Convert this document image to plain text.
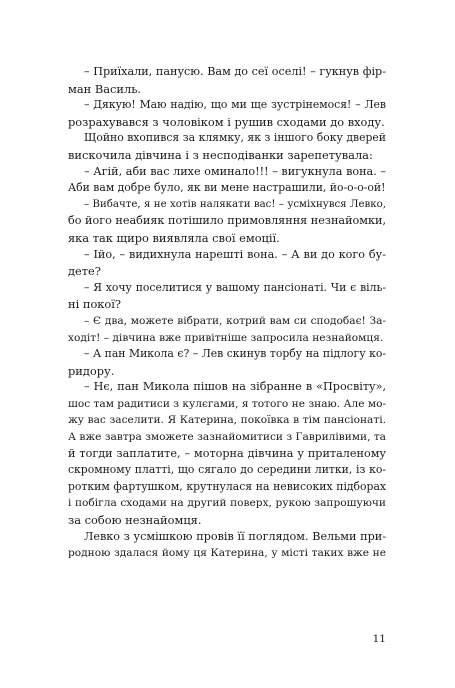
– Приїхали, панусю. Вам до сеї оселі! – гукнув фір-
ман Василь.
– Дякую! Маю надію, що ми ще зустрінемося! – Лев
розрахувався з чоловіком і рушив сходами до входу.
Щойно вхопився за клямку, як з іншого боку дверей
вискочила дівчина і з несподіванки зарепетувала:
– Агій, аби вас лихе оминало!!! – вигукнула вона. –
Аби вам добре було, як ви мене настрашили, йо-о-о-ой!
– Вибачте, я не хотів налякати вас! – усміхнувся Левко,
бо його неабияк потішило примовляння незнайомки,
яка так щиро виявляла свої емоції.
– Ійо, – видихнула нарешті вона. – А ви до кого бу-
дете?
– Я хочу поселитися у вашому пансіонаті. Чи є віль-
ні покої?
– Є два, можете вібрати, котрий вам си сподобає! За-
ходіт! – дівчина вже привітніше запросила незнайомця.
– А пан Микола є? – Лев скинув торбу на підлогу ко-
ридору.
– Нє, пан Микола пішов на зібранне в «Просвіту»,
шос там радитиси з кулєгами, я тотого не знаю. Але мо-
жу вас заселити. Я Катерина, покоївка в тім пансіонаті.
А вже завтра зможете зазнайомитиси з Гаврилівими, та
й тогди заплатите, – моторна дівчина у приталеному
скромному платті, що сягало до середини литки, із ко-
ротким фартушком, крутнулася на невисоких підборах
і побігла сходами на другий поверх, рукою запрошуючи
за собою незнайомця.
Левко з усмішкою провів її поглядом. Вельми при-
родною здалася йому ця Катерина, у місті таких вже не
11
